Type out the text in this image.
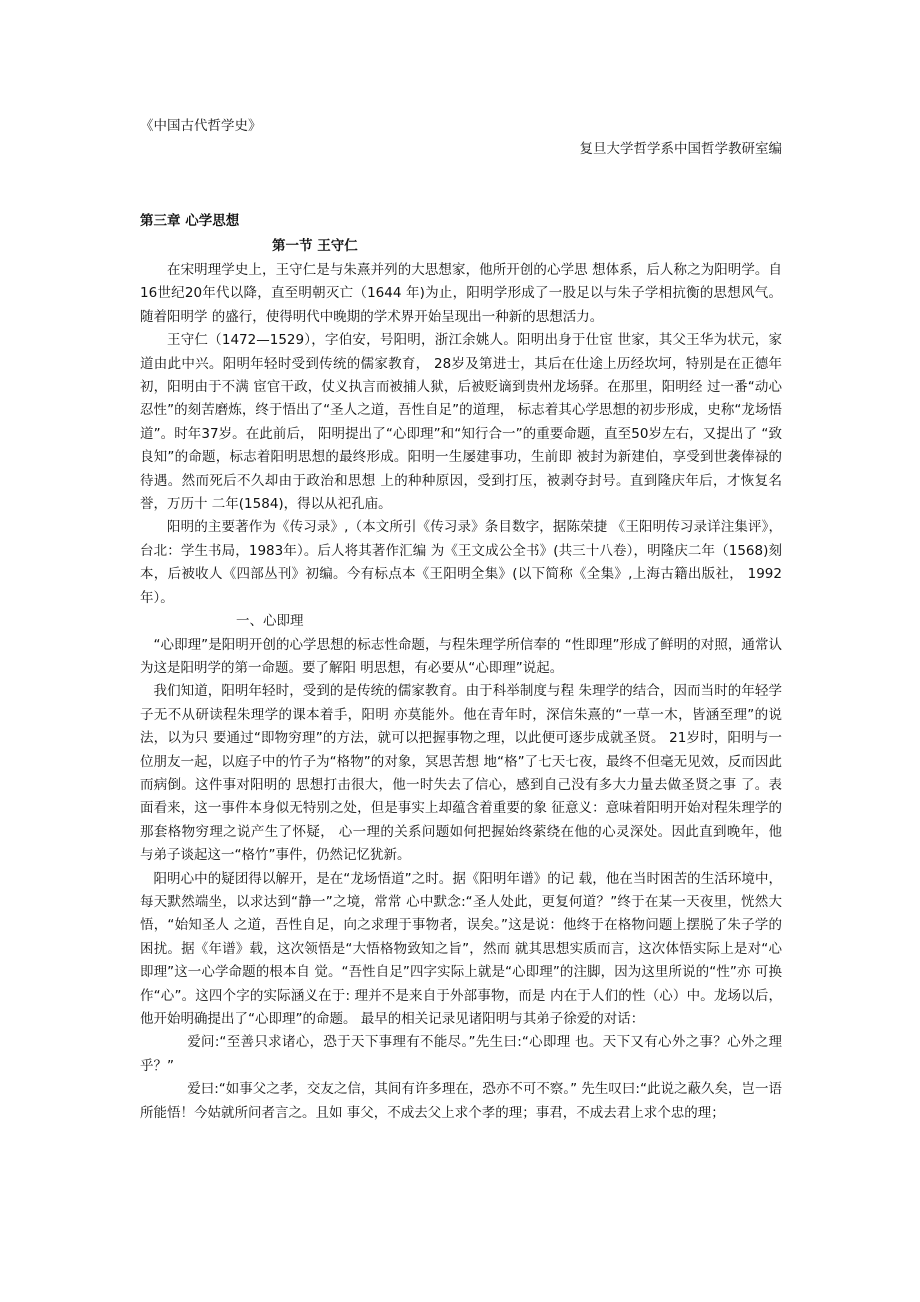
《中国古代哲学史》
复旦大学哲学系中国哲学教研室编
第三章 心学思想
第一节 王守仁

在宋明理学史上，王守仁是与朱熹并列的大思想家，他所开创的心学思 想体系，后人称之为阳明学。自16世纪20年代以降，直至明朝灭亡（1644 年)为止，阳明学形成了一股足以与朱子学相抗衡的思想风气。随着阳明学 的盛行，使得明代中晚期的学术界开始呈现出一种新的思想活力。

王守仁（1472—1529），字伯安，号阳明，浙江余姚人。阳明出身于仕宦 世家，其父王华为状元，家道由此中兴。阳明年轻时受到传统的儒家教育， 28岁及第进士，其后在仕途上历经坎坷，特别是在正德年初，阳明由于不满 宦官干政，仗义执言而被捕人狱，后被贬谪到贵州龙场驿。在那里，阳明经 过一番“动心忍性”的刻苦磨炼，终于悟出了“圣人之道，吾性自足”的道理， 标志着其心学思想的初步形成，史称“龙场悟道”。时年37岁。在此前后， 阳明提出了“心即理”和“知行合一”的重要命题，直至50岁左右，又提出了 “致良知”的命题，标志着阳明思想的最终形成。阳明一生屡建事功，生前即 被封为新建伯，享受到世袭俸禄的待遇。然而死后不久却由于政治和思想 上的种种原因，受到打压，被剥夺封号。直到隆庆年后，才恢复名誉，万历十 二年(1584)，得以从祀孔庙。

阳明的主要著作为《传习录》,（本文所引《传习录》条目数字，据陈荣捷 《王阳明传习录详注集评》，台北：学生书局，1983年）。后人将其著作汇编 为《王文成公全书》(共三十八卷），明隆庆二年（1568)刻本，后被收人《四部丛刊》初编。今有标点本《王阳明全集》(以下简称《全集》,上海古籍出版社， 1992年）。

一、心即理

“心即理”是阳明开创的心学思想的标志性命题，与程朱理学所信奉的 “性即理”形成了鲜明的对照，通常认为这是阳明学的第一命题。要了解阳 明思想，有必要从“心即理”说起。

我们知道，阳明年轻时，受到的是传统的儒家教育。由于科举制度与程 朱理学的结合，因而当时的年轻学子无不从研读程朱理学的课本着手，阳明 亦莫能外。他在青年时，深信朱熹的“一草一木，皆涵至理”的说法，以为只 要通过“即物穷理”的方法，就可以把握事物之理，以此便可逐步成就圣贤。 21岁时，阳明与一位朋友一起，以庭子中的竹子为“格物”的对象，冥思苦想 地“格”了七天七夜，最终不但毫无见效，反而因此而病倒。这件事对阳明的 思想打击很大，他一时失去了信心，感到自己没有多大力量去做圣贤之事 了。表面看来，这一事件本身似无特别之处，但是事实上却蕴含着重要的象 征意义：意味着阳明开始对程朱理学的那套格物穷理之说产生了怀疑， 心一理的关系问题如何把握始终萦绕在他的心灵深处。因此直到晚年，他 与弟子谈起这一“格竹”事件，仍然记忆犹新。

阳明心中的疑团得以解开，是在“龙场悟道”之时。据《阳明年谱》的记 载，他在当时困苦的生活环境中，每天默然端坐，以求达到“静一”之境，常常 心中默念:“圣人处此，更复何道？”终于在某一天夜里，恍然大悟，“始知圣人 之道，吾性自足，向之求理于事物者，误矣。”这是说：他终于在格物问题上摆脱了朱子学的困扰。据《年谱》载，这次领悟是“大悟格物致知之旨”，然而 就其思想实质而言，这次体悟实际上是对“心即理”这一心学命题的根本自 觉。“吾性自足”四字实际上就是“心即理”的注脚，因为这里所说的“性”亦 可换作“心”。这四个字的实际涵义在于: 理并不是来自于外部事物，而是 内在于人们的性（心）中。龙场以后，他开始明确提出了“心即理”的命题。 最早的相关记录见诸阳明与其弟子徐爱的对话：

爱问:“至善只求诸心，恐于天下事理有不能尽。”先生曰:“心即理 也。天下又有心外之事？心外之理乎？”

爱曰:“如事父之孝，交友之信，其间有许多理在，恐亦不可不察。” 先生叹曰:“此说之蔽久矣，岂一语所能悟！今姑就所问者言之。且如 事父，不成去父上求个孝的理；事君，不成去君上求个忠的理；
